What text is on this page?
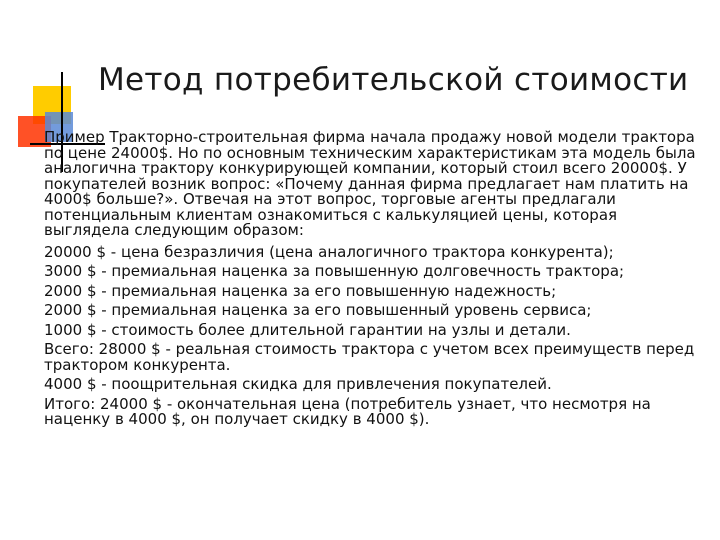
Метод потребительской стоимости

Пример Тракторно-строительная фирма начала продажу новой модели трактора по цене 24000$. Но по основным техническим характеристикам эта модель была аналогична трактору конкурирующей компании, который стоил всего 20000$. У покупателей возник вопрос: «Почему данная фирма предлагает нам платить на 4000$ больше?». Отвечая на этот вопрос, торговые агенты предлагали потенциальным клиентам ознакомиться с калькуляцией цены, которая выглядела следующим образом:

20000 $ - цена безразличия (цена аналогичного трактора конкурента);

3000 $ - премиальная наценка за повышенную долговечность трактора;

2000 $ - премиальная наценка за его повышенную надежность;

2000 $ - премиальная наценка за его повышенный уровень сервиса;

1000 $ - стоимость более длительной гарантии на узлы и детали.

Всего: 28000 $ - реальная стоимость трактора с учетом всех преимуществ перед трактором конкурента.

4000 $ - поощрительная скидка для привлечения покупателей.

Итого: 24000 $ - окончательная цена (потребитель узнает, что несмотря на наценку в 4000 $, он получает скидку в 4000 $).
